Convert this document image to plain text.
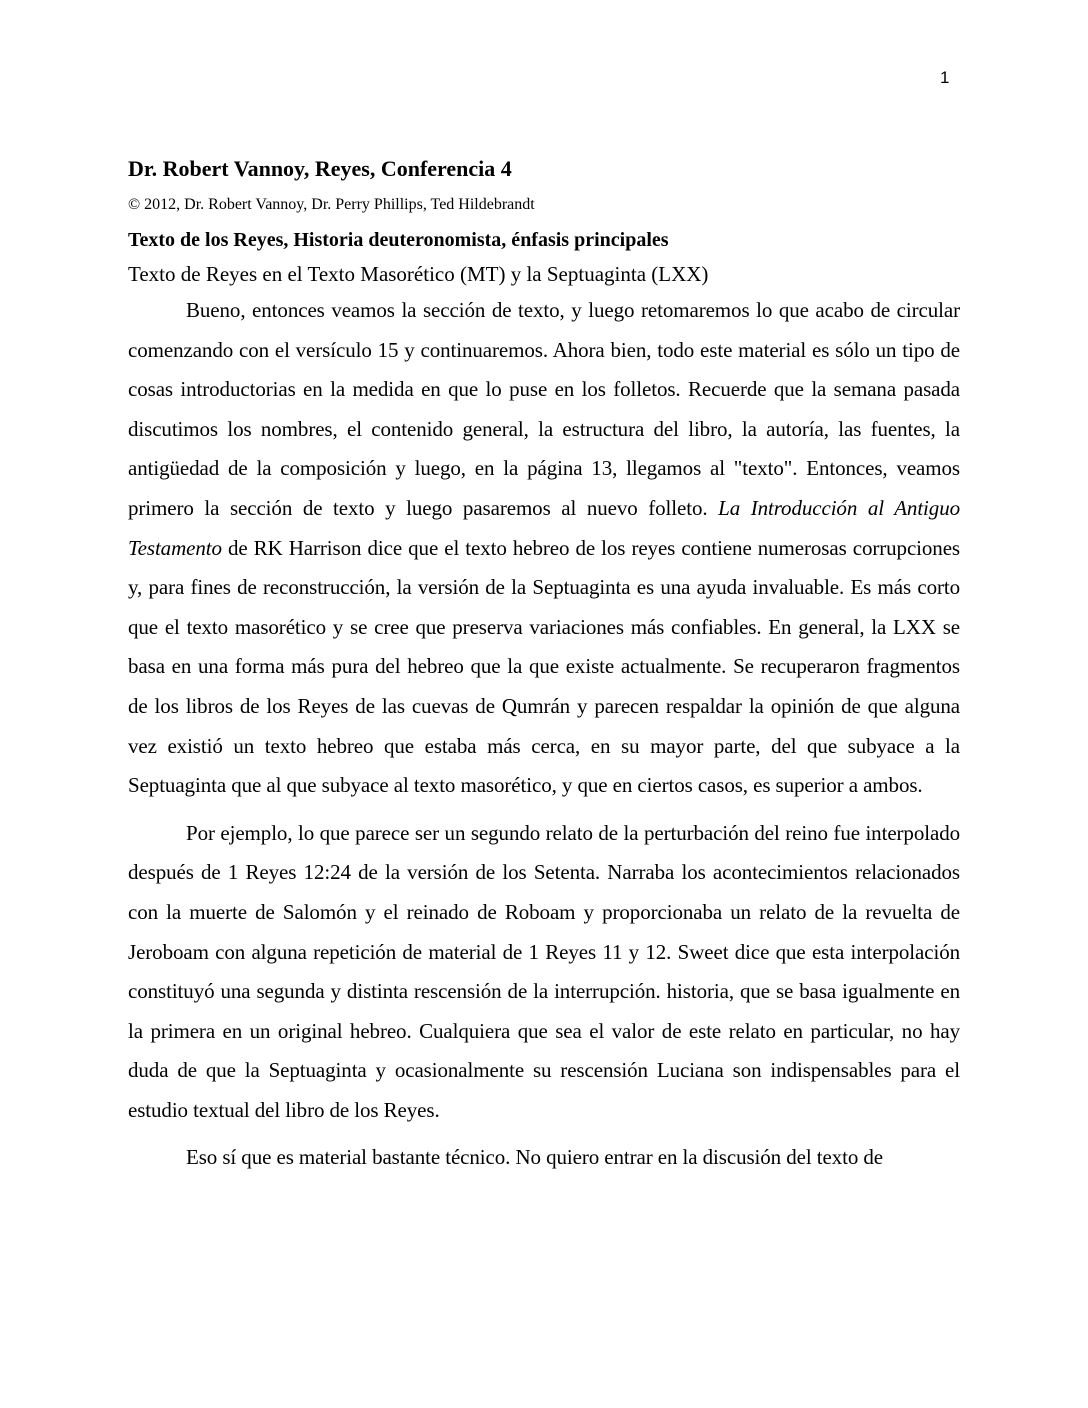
1
Dr. Robert Vannoy, Reyes, Conferencia 4
© 2012, Dr. Robert Vannoy, Dr. Perry Phillips, Ted Hildebrandt
Texto de los Reyes, Historia deuteronomista, énfasis principales
Texto de Reyes en el Texto Masorético (MT) y la Septuaginta (LXX)

Bueno, entonces veamos la sección de texto, y luego retomaremos lo que acabo de circular comenzando con el versículo 15 y continuaremos. Ahora bien, todo este material es sólo un tipo de cosas introductorias en la medida en que lo puse en los folletos. Recuerde que la semana pasada discutimos los nombres, el contenido general, la estructura del libro, la autoría, las fuentes, la antigüedad de la composición y luego, en la página 13, llegamos al "texto". Entonces, veamos primero la sección de texto y luego pasaremos al nuevo folleto. La Introducción al Antiguo Testamento de RK Harrison dice que el texto hebreo de los reyes contiene numerosas corrupciones y, para fines de reconstrucción, la versión de la Septuaginta es una ayuda invaluable. Es más corto que el texto masorético y se cree que preserva variaciones más confiables. En general, la LXX se basa en una forma más pura del hebreo que la que existe actualmente. Se recuperaron fragmentos de los libros de los Reyes de las cuevas de Qumrán y parecen respaldar la opinión de que alguna vez existió un texto hebreo que estaba más cerca, en su mayor parte, del que subyace a la Septuaginta que al que subyace al texto masorético, y que en ciertos casos, es superior a ambos.

Por ejemplo, lo que parece ser un segundo relato de la perturbación del reino fue interpolado después de 1 Reyes 12:24 de la versión de los Setenta. Narraba los acontecimientos relacionados con la muerte de Salomón y el reinado de Roboam y proporcionaba un relato de la revuelta de Jeroboam con alguna repetición de material de 1 Reyes 11 y 12. Sweet dice que esta interpolación constituyó una segunda y distinta rescensión de la interrupción. historia, que se basa igualmente en la primera en un original hebreo. Cualquiera que sea el valor de este relato en particular, no hay duda de que la Septuaginta y ocasionalmente su rescensión Luciana son indispensables para el estudio textual del libro de los Reyes.

Eso sí que es material bastante técnico. No quiero entrar en la discusión del texto de
